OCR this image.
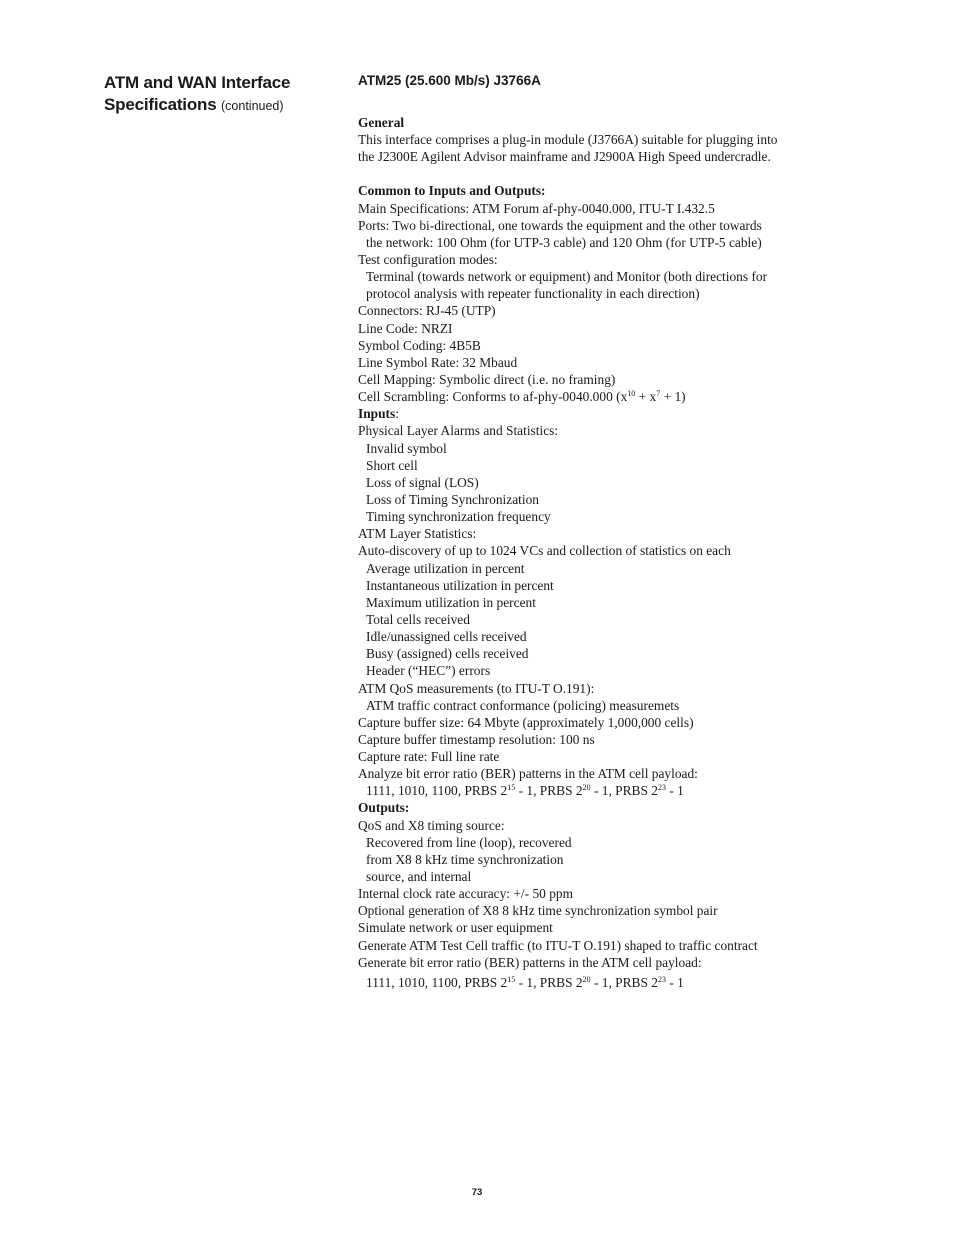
ATM and WAN Interface
Specifications (continued)
ATM25 (25.600 Mb/s) J3766A
General
This interface comprises a plug-in module (J3766A) suitable for plugging into
the J2300E Agilent Advisor mainframe and J2900A High Speed undercradle.
Common to Inputs and Outputs:
Main Specifications: ATM Forum af-phy-0040.000, ITU-T I.432.5
Ports: Two bi-directional, one towards the equipment and the other towards
the network: 100 Ohm (for UTP-3 cable) and 120 Ohm (for UTP-5 cable)
Test configuration modes:
Terminal (towards network or equipment) and Monitor (both directions for
protocol analysis with repeater functionality in each direction)
Connectors: RJ-45 (UTP)
Line Code: NRZI
Symbol Coding: 4B5B
Line Symbol Rate: 32 Mbaud
Cell Mapping: Symbolic direct (i.e. no framing)
Cell Scrambling: Conforms to af-phy-0040.000 $(x^{10} + x^7 + 1)$
Inputs:
Physical Layer Alarms and Statistics:
Invalid symbol
Short cell
Loss of signal (LOS)
Loss of Timing Synchronization
Timing synchronization frequency
ATM Layer Statistics:
Auto-discovery of up to 1024 VCs and collection of statistics on each
Average utilization in percent
Instantaneous utilization in percent
Maximum utilization in percent
Total cells received
Idle/unassigned cells received
Busy (assigned) cells received
Header (“HEC”) errors
ATM QoS measurements (to ITU-T O.191):
ATM traffic contract conformance (policing) measuremets
Capture buffer size: 64 Mbyte (approximately 1,000,000 cells)
Capture buffer timestamp resolution: 100 ns
Capture rate: Full line rate
Analyze bit error ratio (BER) patterns in the ATM cell payload:
1111, 1010, 1100, PRBS $2^{15} - 1$, PRBS $2^{20} - 1$, PRBS $2^{23} - 1$
Outputs:
QoS and X8 timing source:
Recovered from line (loop), recovered
from X8 8 kHz time synchronization
source, and internal
Internal clock rate accuracy: +/- 50 ppm
Optional generation of X8 8 kHz time synchronization symbol pair
Simulate network or user equipment
Generate ATM Test Cell traffic (to ITU-T O.191) shaped to traffic contract
Generate bit error ratio (BER) patterns in the ATM cell payload:
1111, 1010, 1100, PRBS $2^{15} - 1$, PRBS $2^{20} - 1$, PRBS $2^{23} - 1$
73
